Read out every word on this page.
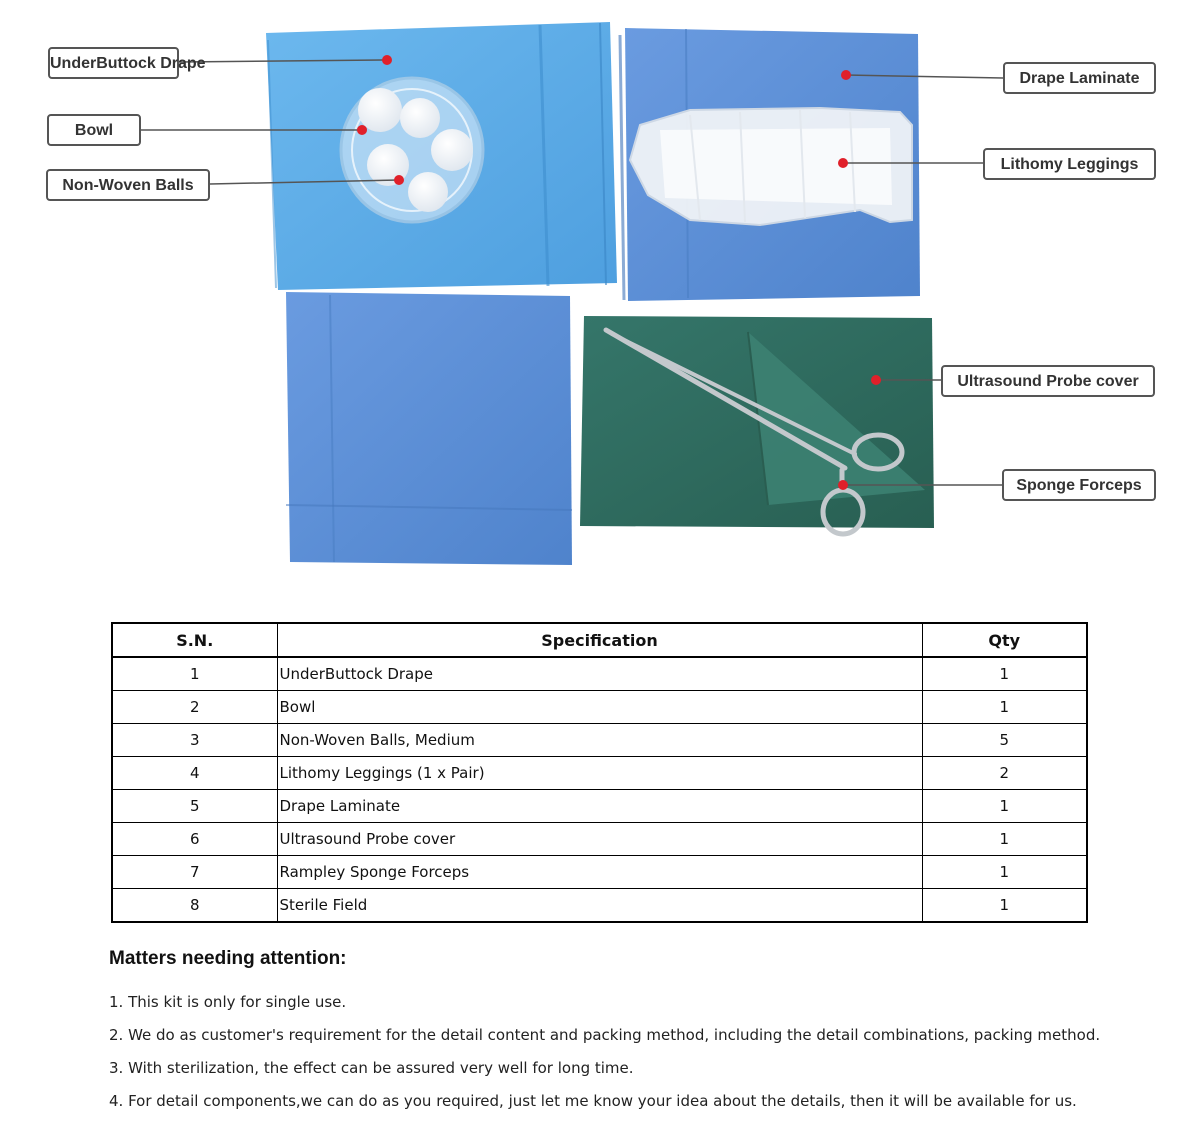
UnderButtock Drape
Bowl
Non-Woven Balls
Drape Laminate
Lithomy Leggings
Ultrasound Probe cover
Sponge Forceps
S.N.	Specification	Qty
1	UnderButtock Drape	1
2	Bowl	1
3	Non-Woven Balls, Medium	5
4	Lithomy Leggings (1 x Pair)	2
5	Drape Laminate	1
6	Ultrasound Probe cover	1
7	Rampley Sponge Forceps	1
8	Sterile Field	1
Matters needing attention:
1. This kit is only for single use.
2. We do as customer's requirement for the detail content and packing method, including the detail combinations, packing method.
3. With sterilization, the effect can be assured very well for long time.
4. For detail components,we can do as you required, just let me know your idea about the details, then it will be available for us.
